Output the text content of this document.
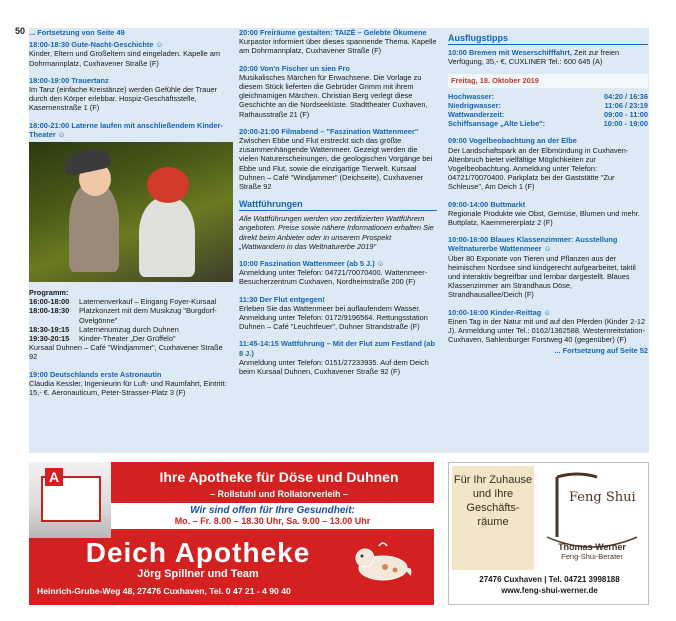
50 ... Fortsetzung von Seite 49
18:00-18:30 Gute-Nacht-Geschichte ☺
Kinder, Eltern und Großeltern sind eingeladen. Kapelle am Dohrmannplatz, Cuxhavener Straße (F)
18:00-19:00 Trauertanz
Im Tanz (einfache Kreistänze) werden Gefühle der Trauer durch den Körper erlebbar. Hospiz-Geschäftsstelle, Kasernenstraße 1 (F)
18:00-21:00 Laterne laufen mit anschließendem Kinder-Theater ☺
Programm:
16:00-18:00	Laternenverkauf – Eingang Foyer-Kursaal
18:00-18:30	Platzkonzert mit dem Musikzug "Burgdorf-Ovelgönne"
18:30-19:15	Laternenumzug durch Duhnen
19:30-20:15	Kinder-Theater „Der Grüffelo"
Kursaal Duhnen – Café "Windjammer", Cuxhavener Straße 92
19:00 Deutschlands erste Astronautin
Claudia Kessler, Ingenieurin für Luft- und Raumfahrt, Eintritt: 15,- €. Aeronauticum, Peter-Strasser-Platz 3 (F)
20:00 Freiräume gestalten: TAIZÉ – Gelebte Ökumene
Kurpastor informiert über dieses spannende Thema. Kapelle am Dohrmannplatz, Cuxhavener Straße (F)
20:00 Von'n Fischer un sien Fro
Musikalisches Märchen für Erwachsene. Die Vorlage zu diesem Stück lieferten die Gebrüder Grimm mit ihrem gleichnamigen Märchen. Christian Berg verlegt diese Geschichte an die Nordseeküste. Stadttheater Cuxhaven, Rathausstraße 21 (F)
20:00-21:00 Filmabend – "Faszination Wattenmeer"
Zwischen Ebbe und Flut erstreckt sich das größte zusammenhängende Wattenmeer. Gezeigt werden die vielen Naturerscheinungen, die geologischen Vorgänge bei Ebbe und Flut, sowie die einzigartige Tierwelt. Kursaal Duhnen – Café "Windjammer" (Deichseite), Cuxhavener Straße 92
Wattführungen
Alle Wattführungen werden von zertifizierten Wattführern angeboten. Preise sowie nähere Informationen erhalten Sie direkt beim Anbieter oder in unserem Prospekt „Wattwandern in das Weltnaturerbe 2019"
10:00 Faszination Wattenmeer (ab 5 J.) ☺
Anmeldung unter Telefon: 04721/70070400. Wattenmeer-Besucherzentrum Cuxhaven, Nordheimstraße 200 (F)
11:30 Der Flut entgegen!
Erleben Sie das Wattenmeer bei auflaufendem Wasser. Anmeldung unter Telefon: 0172/9196564. Rettungsstation Duhnen – Café "Leuchtfeuer", Duhner Strandstraße (F)
11:45-14:15 Wattführung – Mit der Flut zum Festland (ab 8 J.)
Anmeldung unter Telefon: 0151/27233935. Auf dem Deich beim Kursaal Duhnen, Cuxhavener Straße 92 (F)
Ausflugstipps
10:00 Bremen mit Weserschifffahrt, Zeit zur freien Verfügung, 35,- €, CUXLINER Tel.: 600 645 (A)
Freitag, 18. Oktober 2019
Hochwasser:	04:20 / 16:36
Niedrigwasser:	11:06 / 23:19
Wattwanderzeit:	09:00 - 11:00
Schiffsansage „Alte Liebe":	10:00 - 19:00
09:00 Vogelbeobachtung an der Elbe
Der Landschaftspark an der Elbmündung in Cuxhaven-Altenbruch bietet vielfältige Möglichkeiten zur Vogelbeobachtung. Anmeldung unter Telefon: 04721/70070400. Parkplatz bei der Gaststätte "Zur Schleuse", Am Deich 1 (F)
09:00-14:00 Buttmarkt
Regionale Produkte wie Obst, Gemüse, Blumen und mehr. Buttplatz, Kaemmererplatz 2 (F)
10:00-16:00 Blaues Klassenzimmer: Ausstellung Weltnaturerbe Wattenmeer ☺
Über 80 Exponate von Tieren und Pflanzen aus der heimischen Nordsee sind kindgerecht aufgearbeitet, taktil und interaktiv begreifbar und lernbar dargestellt. Blaues Klassenzimmer am Strandhaus Döse, Strandhausallee/Deich (F)
10:00-16:00 Kinder-Reittag ☺
Einen Tag in der Natur mit und auf den Pferden (Kinder 2-12 J). Anmeldung unter Tel.: 0162/1362588. Westernreitstation-Cuxhaven, Sahlenburger Forstweg 40 (gegenüber) (F)
... Fortsetzung auf Seite 52
A	Ihre Apotheke für Döse und Duhnen
– Rollstuhl und Rollatorverleih –
Wir sind offen für Ihre Gesundheit:
Mo. – Fr. 8.00 – 18.30 Uhr, Sa. 9.00 – 13.00 Uhr
Deich Apotheke
Jörg Spillner und Team
Heinrich-Grube-Weg 48, 27476 Cuxhaven, Tel. 0 47 21 - 4 90 40
Für Ihr Zuhause und Ihre Geschäfts-räume
Feng Shui
Thomas Werner
Feng-Shui-Berater
27476 Cuxhaven | Tel. 04721 3998188
www.feng-shui-werner.de
